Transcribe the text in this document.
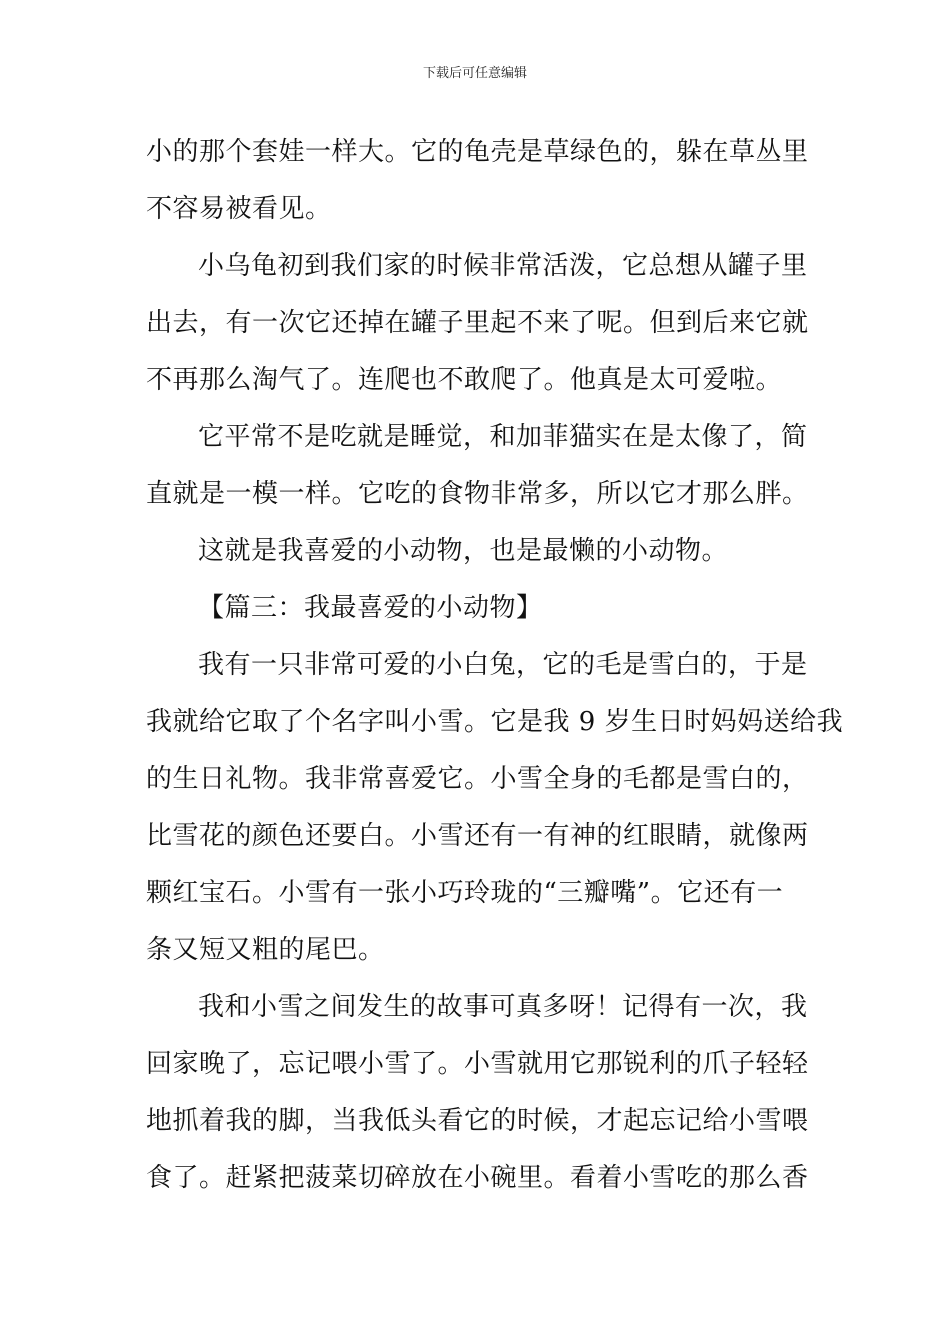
下载后可任意编辑
小的那个套娃一样大。它的龟壳是草绿色的，躲在草丛里
不容易被看见。
小乌龟初到我们家的时候非常活泼，它总想从罐子里
出去，有一次它还掉在罐子里起不来了呢。但到后来它就
不再那么淘气了。连爬也不敢爬了。他真是太可爱啦。
它平常不是吃就是睡觉，和加菲猫实在是太像了，简
直就是一模一样。它吃的食物非常多，所以它才那么胖。
这就是我喜爱的小动物，也是最懒的小动物。
【篇三：我最喜爱的小动物】
我有一只非常可爱的小白兔，它的毛是雪白的，于是
我就给它取了个名字叫小雪。它是我 9 岁生日时妈妈送给我
的生日礼物。我非常喜爱它。小雪全身的毛都是雪白的，
比雪花的颜色还要白。小雪还有一有神的红眼睛，就像两
颗红宝石。小雪有一张小巧玲珑的“三瓣嘴”。它还有一
条又短又粗的尾巴。
我和小雪之间发生的故事可真多呀！记得有一次，我
回家晚了，忘记喂小雪了。小雪就用它那锐利的爪子轻轻
地抓着我的脚，当我低头看它的时候，才起忘记给小雪喂
食了。赶紧把菠菜切碎放在小碗里。看着小雪吃的那么香
